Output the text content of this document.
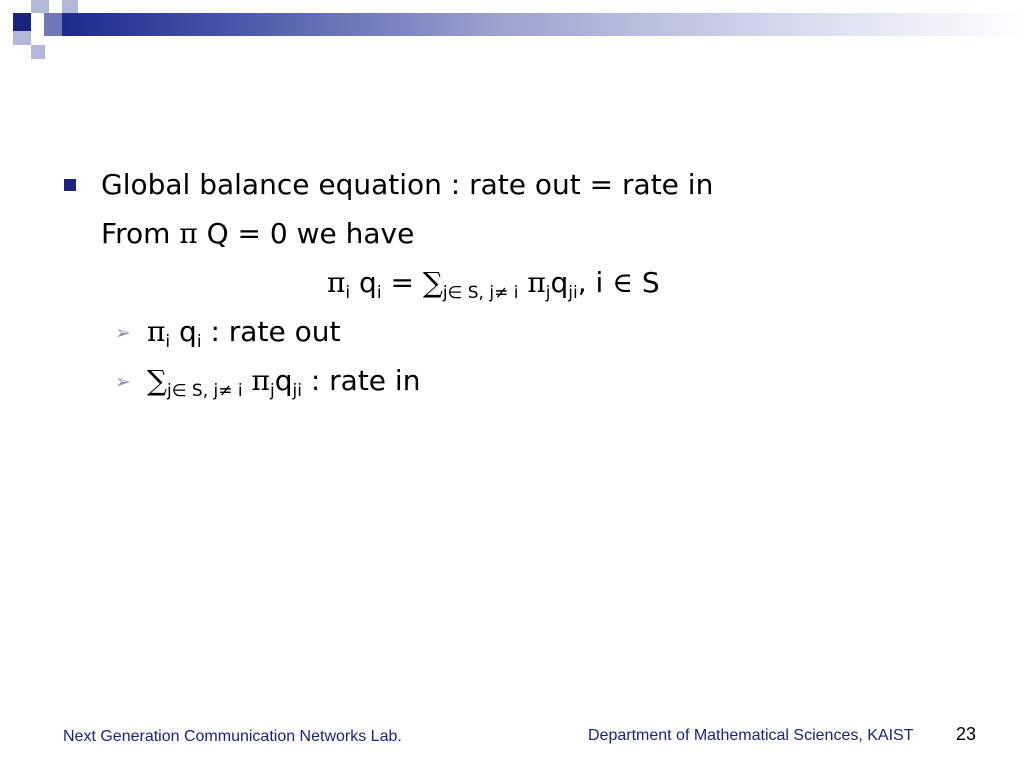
Global balance equation : rate out = rate in
From π Q = 0 we have
$\pi_i$ $q_i = \sum_{j\in S, j\ne i}$ $\pi_jq_{ji}$, i ∈ S
➢ $\pi_i$ $q_i$ : rate out
➢ $\sum_{j\in S, j\ne i}$ $\pi_jq_{ji}$ : rate in
Next Generation Communication Networks Lab.	Department of Mathematical Sciences, KAIST 23
